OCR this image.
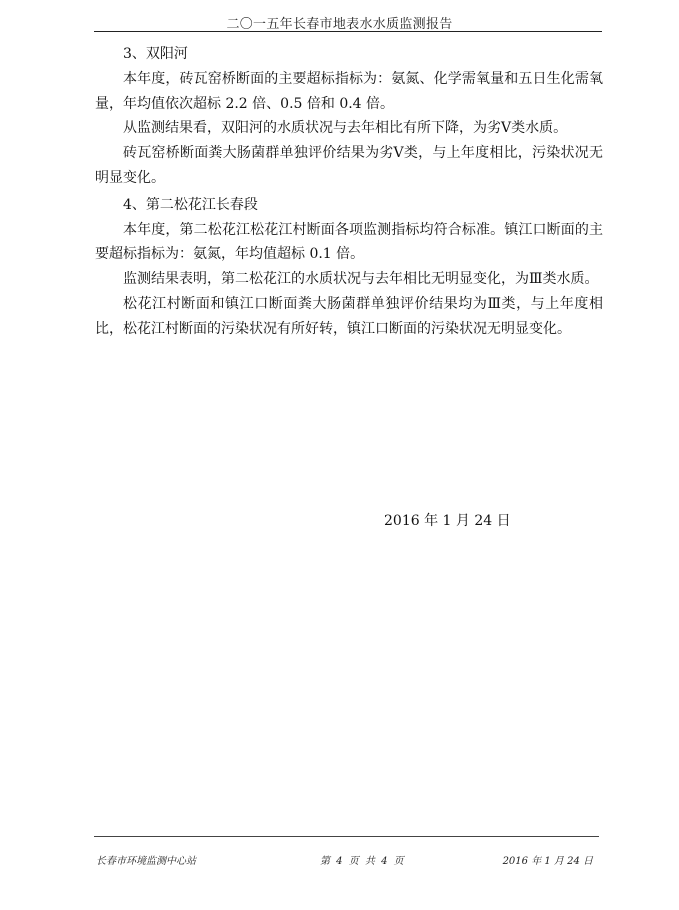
二〇一五年长春市地表水水质监测报告

3、双阳河

本年度，砖瓦窑桥断面的主要超标指标为：氨氮、化学需氧量和五日生化需氧量，年均值依次超标 2.2 倍、0.5 倍和 0.4 倍。

从监测结果看，双阳河的水质状况与去年相比有所下降，为劣Ⅴ类水质。

砖瓦窑桥断面粪大肠菌群单独评价结果为劣Ⅴ类，与上年度相比，污染状况无明显变化。

4、第二松花江长春段

本年度，第二松花江松花江村断面各项监测指标均符合标准。镇江口断面的主要超标指标为：氨氮，年均值超标 0.1 倍。

监测结果表明，第二松花江的水质状况与去年相比无明显变化，为Ⅲ类水质。

松花江村断面和镇江口断面粪大肠菌群单独评价结果均为Ⅲ类，与上年度相比，松花江村断面的污染状况有所好转，镇江口断面的污染状况无明显变化。

2016 年 1 月 24 日
长春市环境监测中心站	第 4 页 共 4 页	2016 年 1 月 24 日
